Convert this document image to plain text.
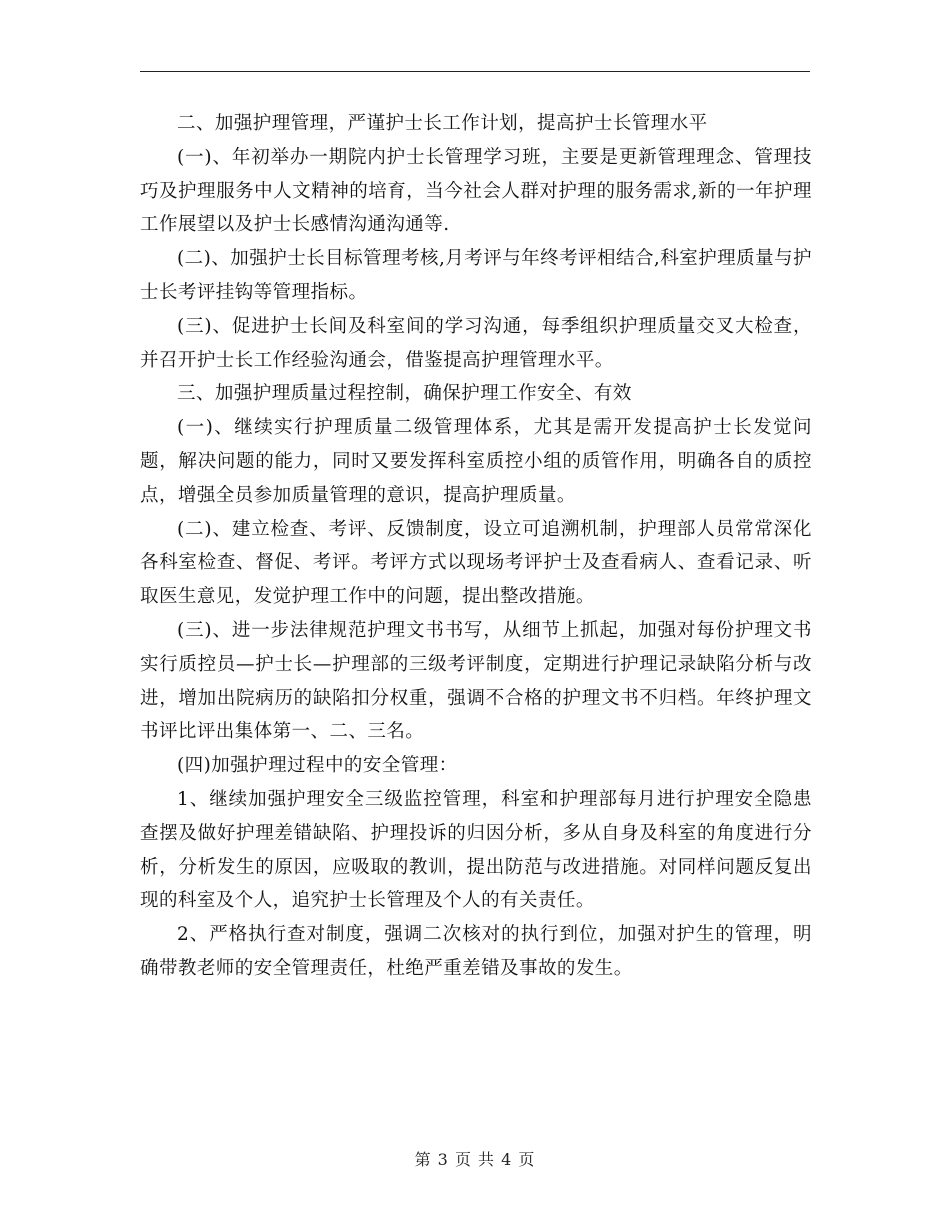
二、加强护理管理，严谨护士长工作计划，提高护士长管理水平

(一)、年初举办一期院内护士长管理学习班，主要是更新管理理念、管理技巧及护理服务中人文精神的培育，当今社会人群对护理的服务需求,新的一年护理工作展望以及护士长感情沟通沟通等.

(二)、加强护士长目标管理考核,月考评与年终考评相结合,科室护理质量与护士长考评挂钩等管理指标。

(三)、促进护士长间及科室间的学习沟通，每季组织护理质量交叉大检查，并召开护士长工作经验沟通会，借鉴提高护理管理水平。

三、加强护理质量过程控制，确保护理工作安全、有效

(一)、继续实行护理质量二级管理体系，尤其是需开发提高护士长发觉问题，解决问题的能力，同时又要发挥科室质控小组的质管作用，明确各自的质控点，增强全员参加质量管理的意识，提高护理质量。

(二)、建立检查、考评、反馈制度，设立可追溯机制，护理部人员常常深化各科室检查、督促、考评。考评方式以现场考评护士及查看病人、查看记录、听取医生意见，发觉护理工作中的问题，提出整改措施。

(三)、进一步法律规范护理文书书写，从细节上抓起，加强对每份护理文书实行质控员—护士长—护理部的三级考评制度，定期进行护理记录缺陷分析与改进，增加出院病历的缺陷扣分权重，强调不合格的护理文书不归档。年终护理文书评比评出集体第一、二、三名。

(四)加强护理过程中的安全管理：

1、继续加强护理安全三级监控管理，科室和护理部每月进行护理安全隐患查摆及做好护理差错缺陷、护理投诉的归因分析，多从自身及科室的角度进行分析，分析发生的原因，应吸取的教训，提出防范与改进措施。对同样问题反复出现的科室及个人，追究护士长管理及个人的有关责任。

2、严格执行查对制度，强调二次核对的执行到位，加强对护生的管理，明确带教老师的安全管理责任，杜绝严重差错及事故的发生。

第 3 页 共 4 页
